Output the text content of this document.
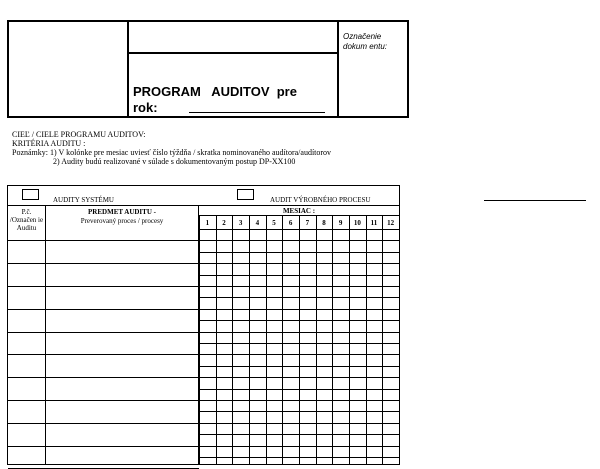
PROGRAM   AUDITOV  pre
rok:
Označenie dokum entu:
CIEĽ / CIELE PROGRAMU AUDITOV:
KRITÉRIA AUDITU :
Poznámky: 1) V kolónke pre mesiac uviesť číslo týždňa / skratka nominovaného audítora/audítorov
2) Audity budú realizované v súlade s dokumentovaným postup DP-XX100
AUDITY SYSTÉMU	AUDIT VÝROBNÉHO PROCESU
P.č. /Označen ie Auditu
PREDMET AUDITU -
Preverovaný proces / procesy
MESIAC :
1	2	3	4	5	6	7	8	9	10	11	12
